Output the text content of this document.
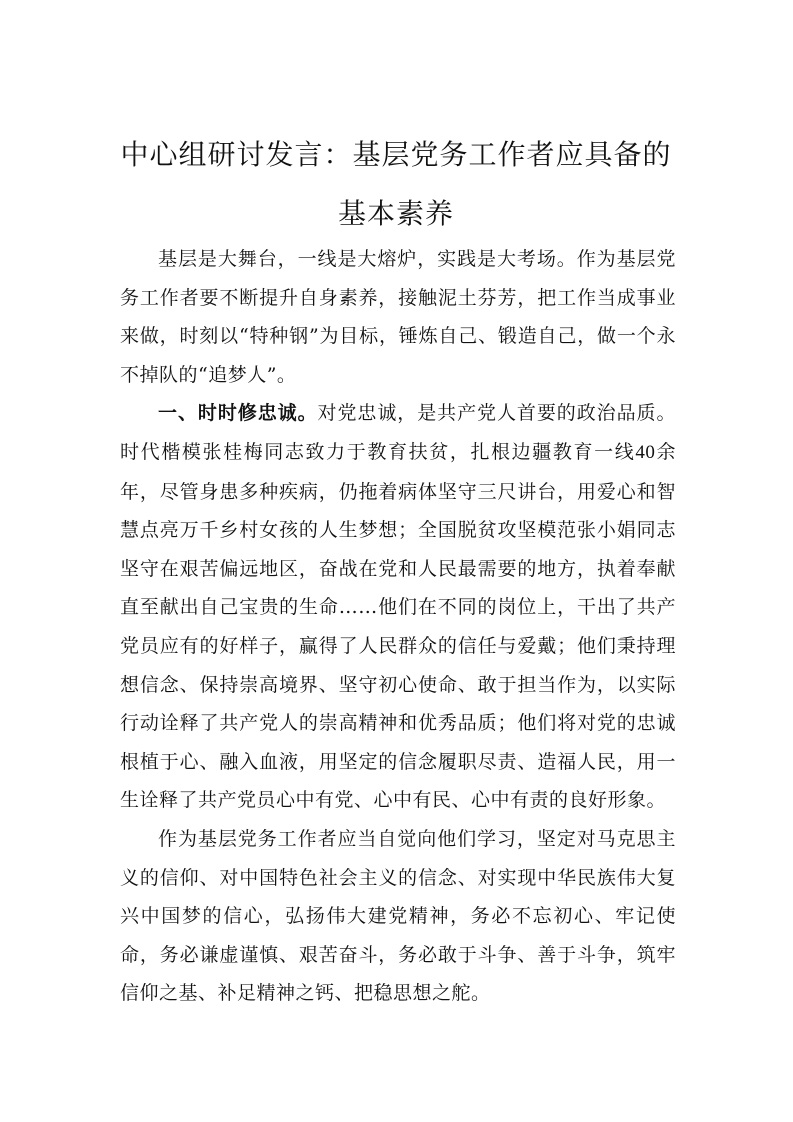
中心组研讨发言：基层党务工作者应具备的
基本素养

基层是大舞台，一线是大熔炉，实践是大考场。作为基层党务工作者要不断提升自身素养，接触泥土芬芳，把工作当成事业来做，时刻以“特种钢”为目标，锤炼自己、锻造自己，做一个永不掉队的“追梦人”。

一、时时修忠诚。对党忠诚，是共产党人首要的政治品质。时代楷模张桂梅同志致力于教育扶贫，扎根边疆教育一线40余年，尽管身患多种疾病，仍拖着病体坚守三尺讲台，用爱心和智慧点亮万千乡村女孩的人生梦想；全国脱贫攻坚模范张小娟同志坚守在艰苦偏远地区，奋战在党和人民最需要的地方，执着奉献直至献出自己宝贵的生命……他们在不同的岗位上，干出了共产党员应有的好样子，赢得了人民群众的信任与爱戴；他们秉持理想信念、保持崇高境界、坚守初心使命、敢于担当作为，以实际行动诠释了共产党人的崇高精神和优秀品质；他们将对党的忠诚根植于心、融入血液，用坚定的信念履职尽责、造福人民，用一生诠释了共产党员心中有党、心中有民、心中有责的良好形象。

作为基层党务工作者应当自觉向他们学习，坚定对马克思主义的信仰、对中国特色社会主义的信念、对实现中华民族伟大复兴中国梦的信心，弘扬伟大建党精神，务必不忘初心、牢记使命，务必谦虚谨慎、艰苦奋斗，务必敢于斗争、善于斗争，筑牢信仰之基、补足精神之钙、把稳思想之舵。
